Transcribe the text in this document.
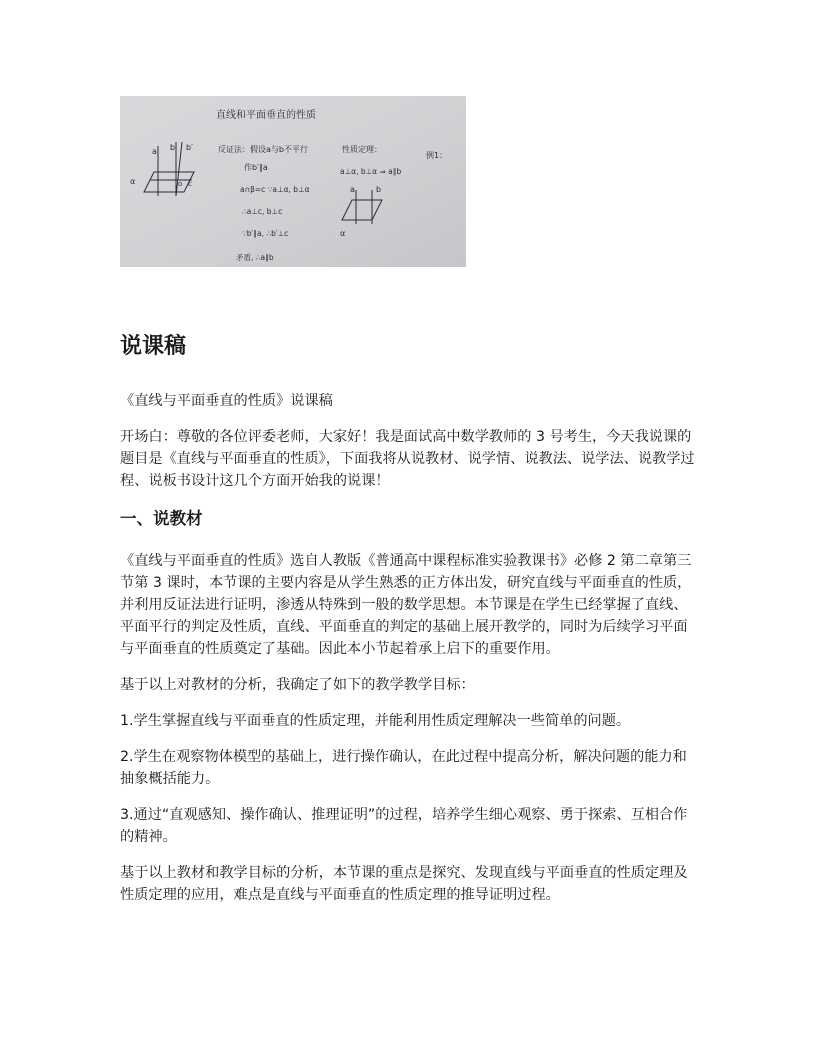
直线和平面垂直的性质
a b b′
α	o c
反证法：假设a与b不平行
作b′∥a
a∩β=c ∵a⊥α, b⊥α
∴a⊥c, b⊥c
∵b′∥a, ∴b′⊥c
矛盾, ∴a∥b
性质定理：
a⊥α, b⊥α ⇒ a∥b
a	b
α
例1：
说课稿

《直线与平面垂直的性质》说课稿

开场白：尊敬的各位评委老师，大家好！我是面试高中数学教师的 3 号考生，今天我说课的题目是《直线与平面垂直的性质》，下面我将从说教材、说学情、说教法、说学法、说教学过程、说板书设计这几个方面开始我的说课！

一、说教材

《直线与平面垂直的性质》选自人教版《普通高中课程标准实验教课书》必修 2 第二章第三节第 3 课时，本节课的主要内容是从学生熟悉的正方体出发，研究直线与平面垂直的性质，并利用反证法进行证明，渗透从特殊到一般的数学思想。本节课是在学生已经掌握了直线、平面平行的判定及性质，直线、平面垂直的判定的基础上展开教学的，同时为后续学习平面与平面垂直的性质奠定了基础。因此本小节起着承上启下的重要作用。

基于以上对教材的分析，我确定了如下的教学教学目标：

1.学生掌握直线与平面垂直的性质定理，并能利用性质定理解决一些简单的问题。

2.学生在观察物体模型的基础上，进行操作确认，在此过程中提高分析，解决问题的能力和抽象概括能力。

3.通过“直观感知、操作确认、推理证明”的过程，培养学生细心观察、勇于探索、互相合作的精神。

基于以上教材和教学目标的分析，本节课的重点是探究、发现直线与平面垂直的性质定理及性质定理的应用，难点是直线与平面垂直的性质定理的推导证明过程。
